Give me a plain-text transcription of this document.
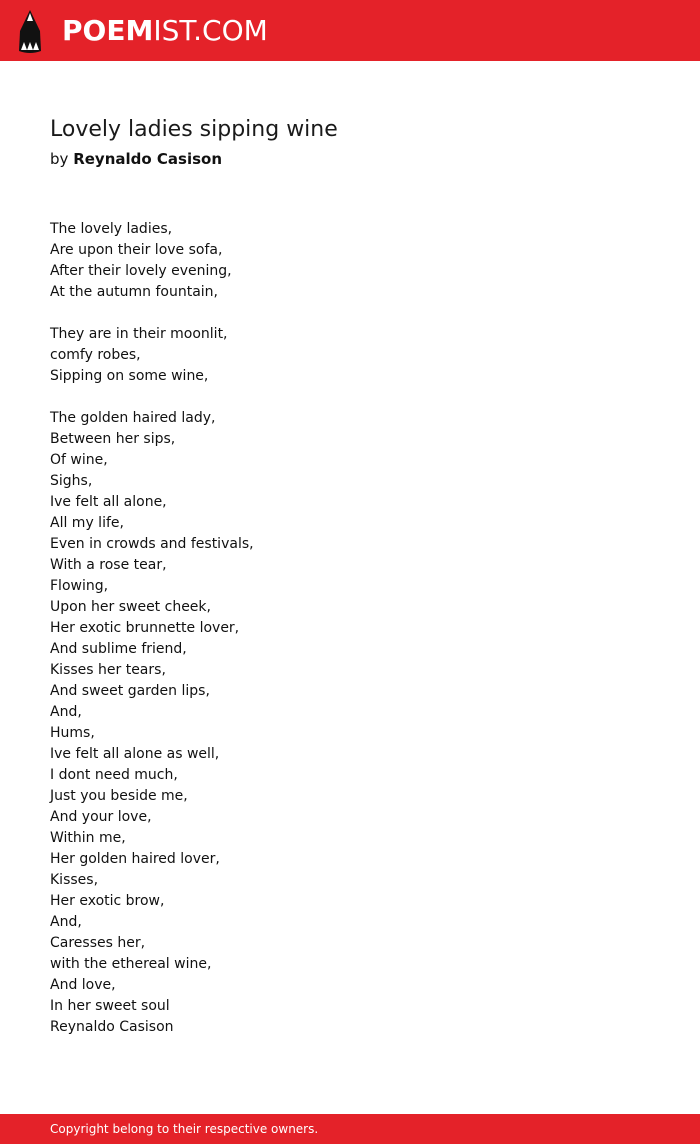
POEMIST.COM
Lovely ladies sipping wine

by Reynaldo Casison

The lovely ladies,
Are upon their love sofa,
After their lovely evening,
At the autumn fountain,
They are in their moonlit,
comfy robes,
Sipping on some wine,
The golden haired lady,
Between her sips,
Of wine,
Sighs,
Ive felt all alone,
All my life,
Even in crowds and festivals,
With a rose tear,
Flowing,
Upon her sweet cheek,
Her exotic brunnette lover,
And sublime friend,
Kisses her tears,
And sweet garden lips,
And,
Hums,
Ive felt all alone as well,
I dont need much,
Just you beside me,
And your love,
Within me,
Her golden haired lover,
Kisses,
Her exotic brow,
And,
Caresses her,
with the ethereal wine,
And love,
In her sweet soul
Reynaldo Casison
Copyright belong to their respective owners.
